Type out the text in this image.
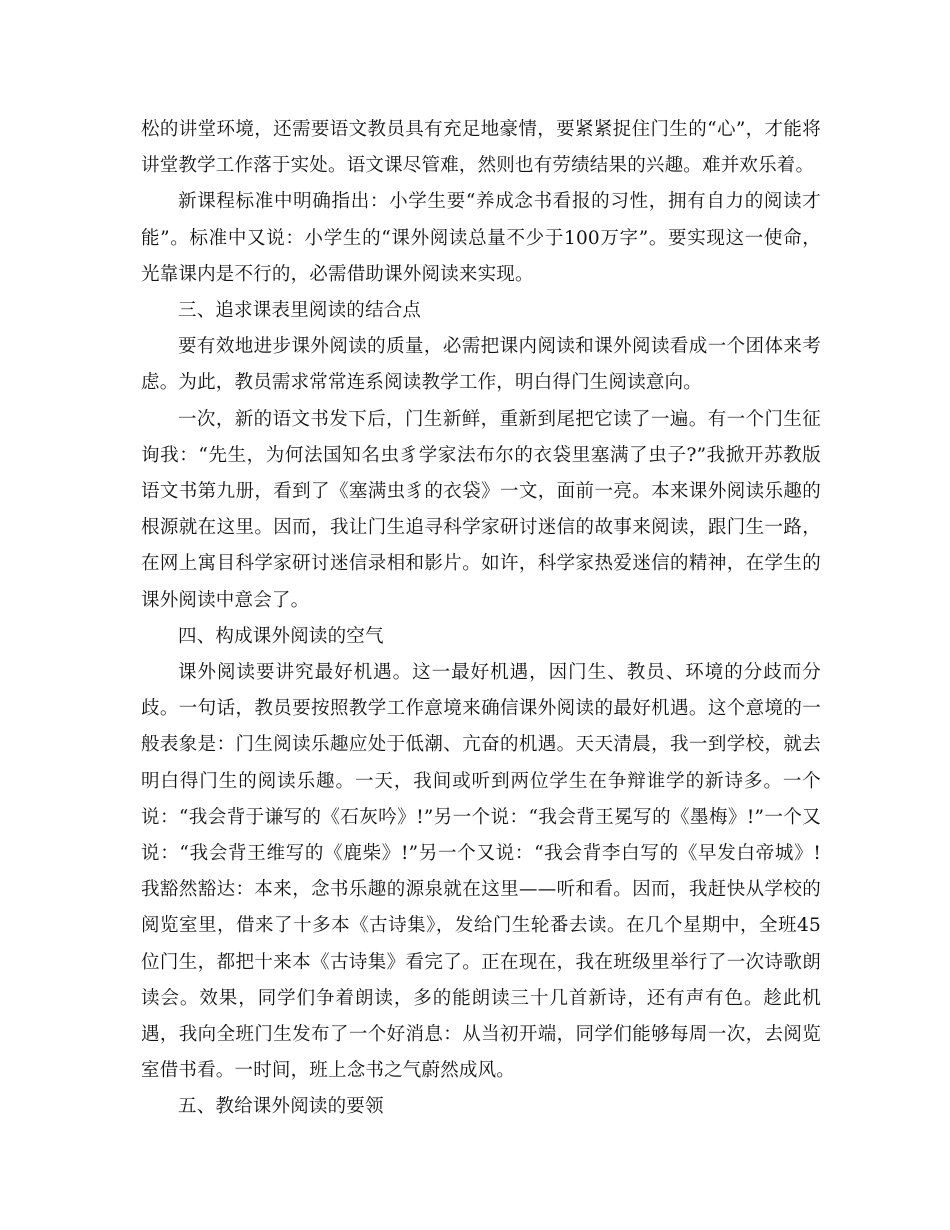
松的讲堂环境，还需要语文教员具有充足地豪情，要紧紧捉住门生的“心”，才能将讲堂教学工作落于实处。语文课尽管难，然则也有劳绩结果的兴趣。难并欢乐着。

新课程标准中明确指出：小学生要“养成念书看报的习性，拥有自力的阅读才能”。标准中又说：小学生的“课外阅读总量不少于100万字”。要实现这一使命，光靠课内是不行的，必需借助课外阅读来实现。

三、追求课表里阅读的结合点

要有效地进步课外阅读的质量，必需把课内阅读和课外阅读看成一个团体来考虑。为此，教员需求常常连系阅读教学工作，明白得门生阅读意向。

一次，新的语文书发下后，门生新鲜，重新到尾把它读了一遍。有一个门生征询我：“先生，为何法国知名虫豸学家法布尔的衣袋里塞满了虫子?”我掀开苏教版语文书第九册，看到了《塞满虫豸的衣袋》一文，面前一亮。本来课外阅读乐趣的根源就在这里。因而，我让门生追寻科学家研讨迷信的故事来阅读，跟门生一路，在网上寓目科学家研讨迷信录相和影片。如许，科学家热爱迷信的精神，在学生的课外阅读中意会了。

四、构成课外阅读的空气

课外阅读要讲究最好机遇。这一最好机遇，因门生、教员、环境的分歧而分歧。一句话，教员要按照教学工作意境来确信课外阅读的最好机遇。这个意境的一般表象是：门生阅读乐趣应处于低潮、亢奋的机遇。天天清晨，我一到学校，就去明白得门生的阅读乐趣。一天，我间或听到两位学生在争辩谁学的新诗多。一个说：“我会背于谦写的《石灰吟》!”另一个说：“我会背王冕写的《墨梅》!”一个又说：“我会背王维写的《鹿柴》!”另一个又说：“我会背李白写的《早发白帝城》!我豁然豁达：本来，念书乐趣的源泉就在这里——听和看。因而，我赶快从学校的阅览室里，借来了十多本《古诗集》，发给门生轮番去读。在几个星期中，全班45位门生，都把十来本《古诗集》看完了。正在现在，我在班级里举行了一次诗歌朗读会。效果，同学们争着朗读，多的能朗读三十几首新诗，还有声有色。趁此机遇，我向全班门生发布了一个好消息：从当初开端，同学们能够每周一次，去阅览室借书看。一时间，班上念书之气蔚然成风。

五、教给课外阅读的要领
